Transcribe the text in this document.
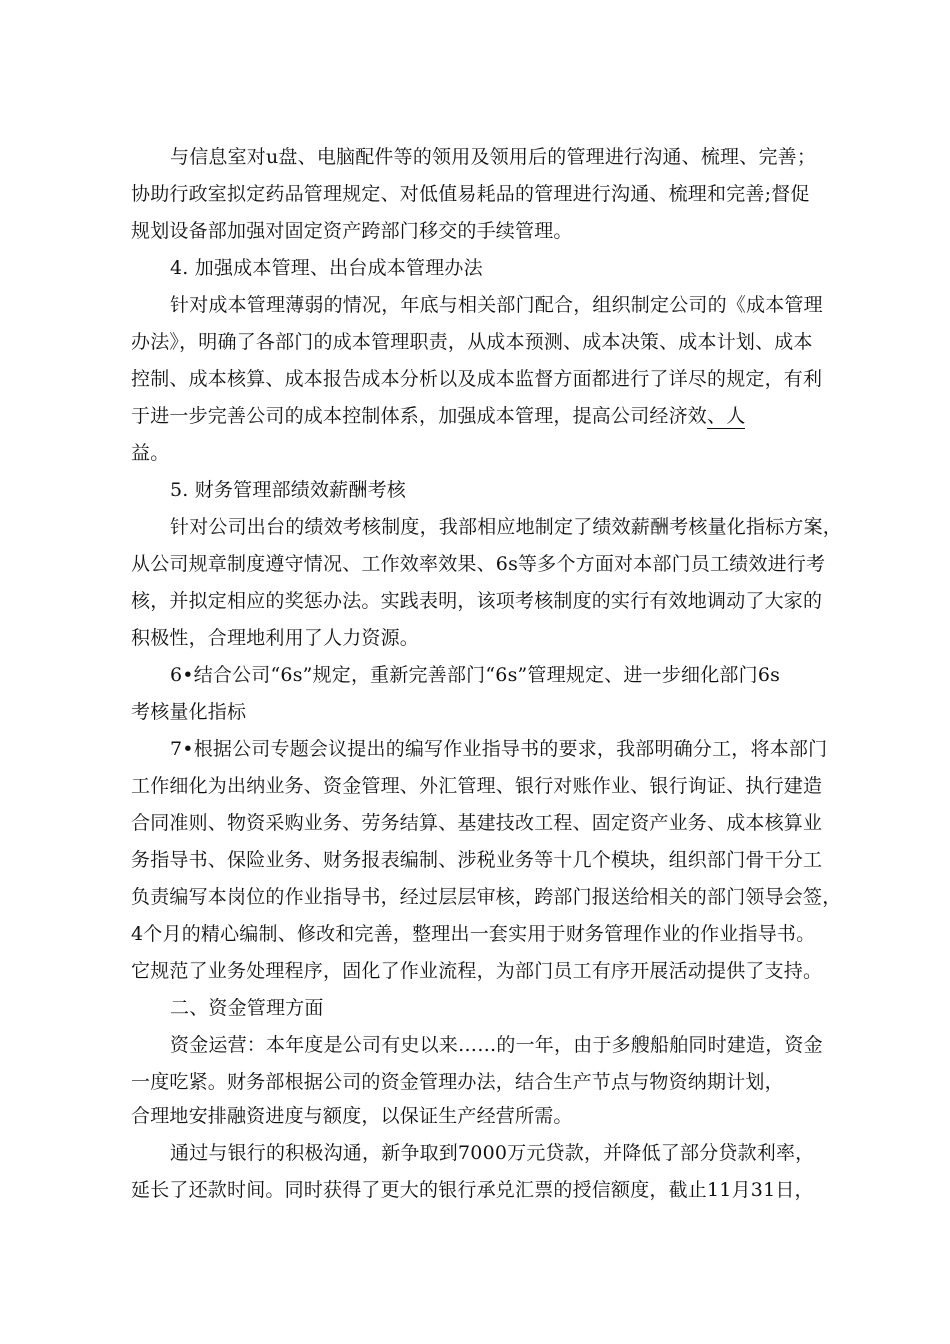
与信息室对u盘、电脑配件等的领用及领用后的管理进行沟通、梳理、完善；
协助行政室拟定药品管理规定、对低值易耗品的管理进行沟通、梳理和完善;督促
规划设备部加强对固定资产跨部门移交的手续管理。
4. 加强成本管理、出台成本管理办法
针对成本管理薄弱的情况，年底与相关部门配合，组织制定公司的《成本管理
办法》，明确了各部门的成本管理职责，从成本预测、成本决策、成本计划、成本
控制、成本核算、成本报告成本分析以及成本监督方面都进行了详尽的规定，有利
于进一步完善公司的成本控制体系，加强成本管理，提高公司经济效、人
益。
5. 财务管理部绩效薪酬考核
针对公司出台的绩效考核制度，我部相应地制定了绩效薪酬考核量化指标方案，
从公司规章制度遵守情况、工作效率效果、6s等多个方面对本部门员工绩效进行考
核，并拟定相应的奖惩办法。实践表明，该项考核制度的实行有效地调动了大家的
积极性，合理地利用了人力资源。
6•结合公司“6s”规定，重新完善部门“6s”管理规定、进一步细化部门6s
考核量化指标
7•根据公司专题会议提出的编写作业指导书的要求，我部明确分工，将本部门
工作细化为出纳业务、资金管理、外汇管理、银行对账作业、银行询证、执行建造
合同准则、物资采购业务、劳务结算、基建技改工程、固定资产业务、成本核算业
务指导书、保险业务、财务报表编制、涉税业务等十几个模块，组织部门骨干分工
负责编写本岗位的作业指导书，经过层层审核，跨部门报送给相关的部门领导会签，
4个月的精心编制、修改和完善，整理出一套实用于财务管理作业的作业指导书。
它规范了业务处理程序，固化了作业流程，为部门员工有序开展活动提供了支持。
二、资金管理方面
资金运营：本年度是公司有史以来……的一年，由于多艘船舶同时建造，资金
一度吃紧。财务部根据公司的资金管理办法，结合生产节点与物资纳期计划，
合理地安排融资进度与额度，以保证生产经营所需。
通过与银行的积极沟通，新争取到7000万元贷款，并降低了部分贷款利率，
延长了还款时间。同时获得了更大的银行承兑汇票的授信额度，截止11月31日，
